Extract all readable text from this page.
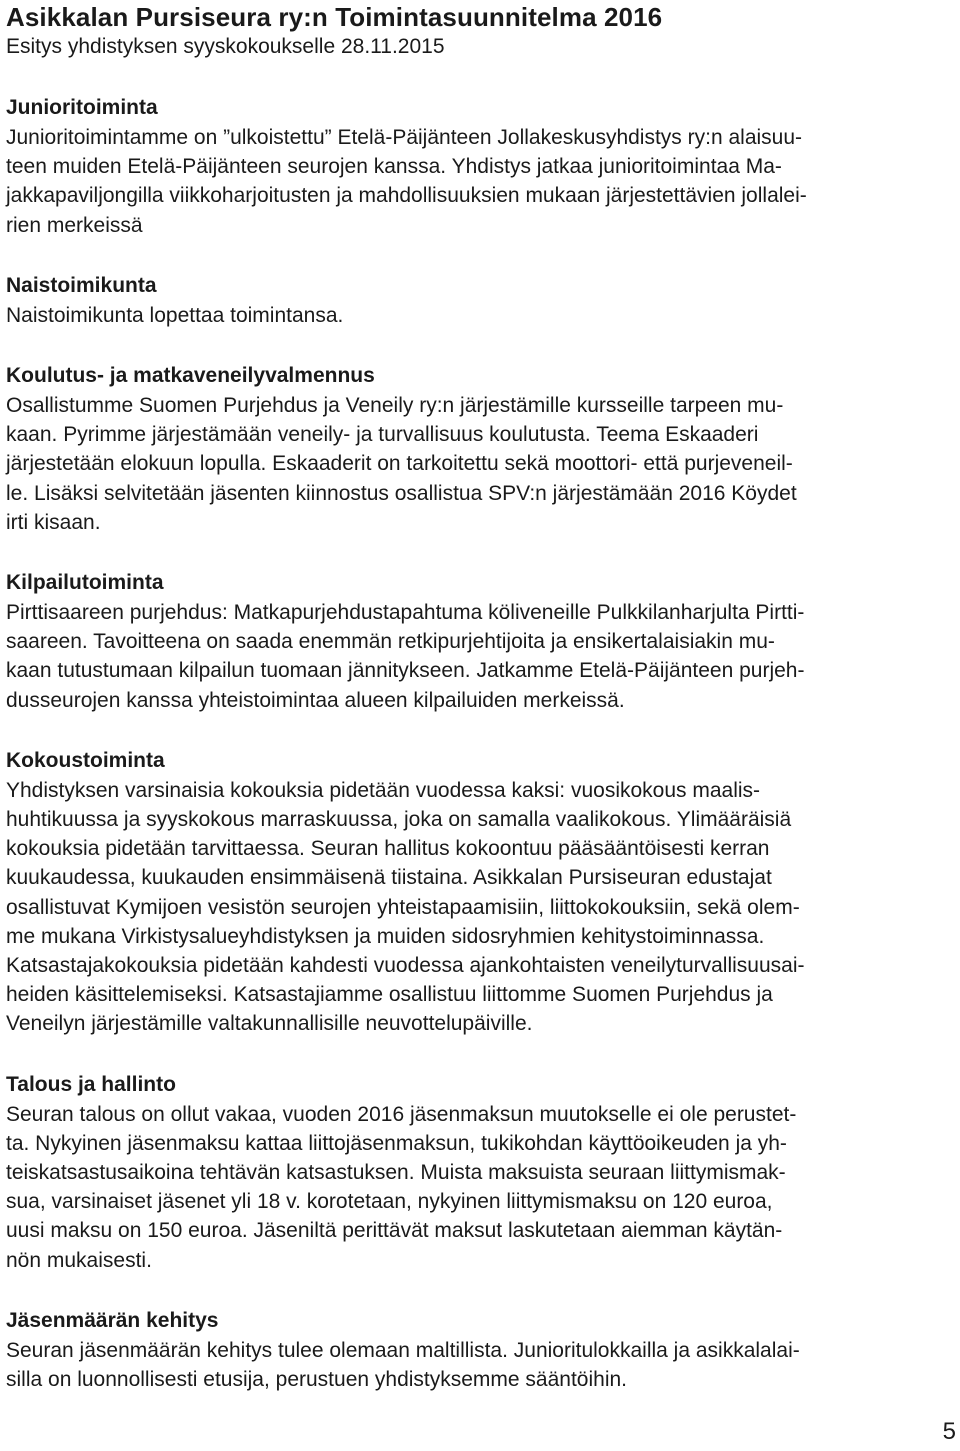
Asikkalan Pursiseura ry:n Toimintasuunnitelma 2016

Esitys yhdistyksen syyskokoukselle 28.11.2015

Junioritoiminta

Junioritoimintamme on ”ulkoistettu” Etelä-Päijänteen Jollakeskusyhdistys ry:n alaisuu-
teen muiden Etelä-Päijänteen seurojen kanssa. Yhdistys jatkaa junioritoimintaa Ma-
jakkapaviljongilla viikkoharjoitusten ja mahdollisuuksien mukaan järjestettävien jollalei-
rien merkeissä

Naistoimikunta

Naistoimikunta lopettaa toimintansa.

Koulutus- ja matkaveneilyvalmennus

Osallistumme Suomen Purjehdus ja Veneily ry:n järjestämille kursseille tarpeen mu-
kaan. Pyrimme järjestämään veneily- ja turvallisuus koulutusta. Teema Eskaaderi
järjestetään elokuun lopulla. Eskaaderit on tarkoitettu sekä moottori- että purjeveneil-
le. Lisäksi selvitetään jäsenten kiinnostus osallistua SPV:n järjestämään 2016 Köydet
irti kisaan.

Kilpailutoiminta

Pirttisaareen purjehdus: Matkapurjehdustapahtuma köliveneille Pulkkilanharjulta Pirtti-
saareen. Tavoitteena on saada enemmän retkipurjehtijoita ja ensikertalaisiakin mu-
kaan tutustumaan kilpailun tuomaan jännitykseen. Jatkamme Etelä-Päijänteen purjeh-
dusseurojen kanssa yhteistoimintaa alueen kilpailuiden merkeissä.

Kokoustoiminta

Yhdistyksen varsinaisia kokouksia pidetään vuodessa kaksi: vuosikokous maalis-
huhtikuussa ja syyskokous marraskuussa, joka on samalla vaalikokous. Ylimääräisiä
kokouksia pidetään tarvittaessa. Seuran hallitus kokoontuu pääsääntöisesti kerran
kuukaudessa, kuukauden ensimmäisenä tiistaina. Asikkalan Pursiseuran edustajat
osallistuvat Kymijoen vesistön seurojen yhteistapaamisiin, liittokokouksiin, sekä olem-
me mukana Virkistysalueyhdistyksen ja muiden sidosryhmien kehitystoiminnassa.
Katsastajakokouksia pidetään kahdesti vuodessa ajankohtaisten veneilyturvallisuusai-
heiden käsittelemiseksi. Katsastajiamme osallistuu liittomme Suomen Purjehdus ja
Veneilyn järjestämille valtakunnallisille neuvottelupäiville.

Talous ja hallinto

Seuran talous on ollut vakaa, vuoden 2016 jäsenmaksun muutokselle ei ole perustet-
ta. Nykyinen jäsenmaksu kattaa liittojäsenmaksun, tukikohdan käyttöoikeuden ja yh-
teiskatsastusaikoina tehtävän katsastuksen. Muista maksuista seuraan liittymismak-
sua, varsinaiset jäsenet yli 18 v. korotetaan, nykyinen liittymismaksu on 120 euroa,
uusi maksu on 150 euroa. Jäseniltä perittävät maksut laskutetaan aiemman käytän-
nön mukaisesti.

Jäsenmäärän kehitys

Seuran jäsenmäärän kehitys tulee olemaan maltillista. Junioritulokkailla ja asikkalalai-
silla on luonnollisesti etusija, perustuen yhdistyksemme sääntöihin.

5
